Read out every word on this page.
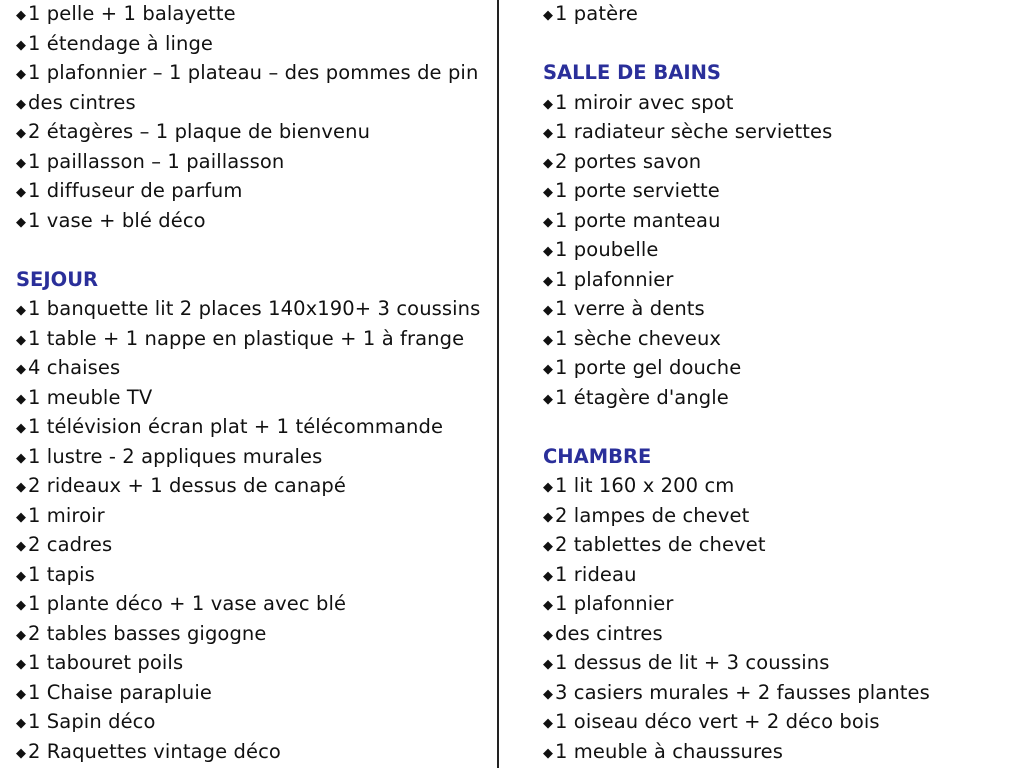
◆1 pelle + 1 balayette
◆1 étendage à linge
◆1 plafonnier – 1 plateau – des pommes de pin
◆des cintres
◆2 étagères – 1 plaque de bienvenu
◆1 paillasson – 1 paillasson
◆1 diffuseur de parfum
◆1 vase + blé déco
SEJOUR
◆1 banquette lit 2 places 140x190+ 3 coussins
◆1 table + 1 nappe en plastique + 1 à frange
◆4 chaises
◆1 meuble TV
◆1 télévision écran plat + 1 télécommande
◆1 lustre - 2 appliques murales
◆2 rideaux + 1 dessus de canapé
◆1 miroir
◆2 cadres
◆1 tapis
◆1 plante déco + 1 vase avec blé
◆2 tables basses gigogne
◆1 tabouret poils
◆1 Chaise parapluie
◆1 Sapin déco
◆2 Raquettes vintage déco
◆1 patère
SALLE DE BAINS
◆1 miroir avec spot
◆1 radiateur sèche serviettes
◆2 portes savon
◆1 porte serviette
◆1 porte manteau
◆1 poubelle
◆1 plafonnier
◆1 verre à dents
◆1 sèche cheveux
◆1 porte gel douche
◆1 étagère d'angle
CHAMBRE
◆1 lit 160 x 200 cm
◆2 lampes de chevet
◆2 tablettes de chevet
◆1 rideau
◆1 plafonnier
◆des cintres
◆1 dessus de lit + 3 coussins
◆3 casiers murales + 2 fausses plantes
◆1 oiseau déco vert + 2 déco bois
◆1 meuble à chaussures
